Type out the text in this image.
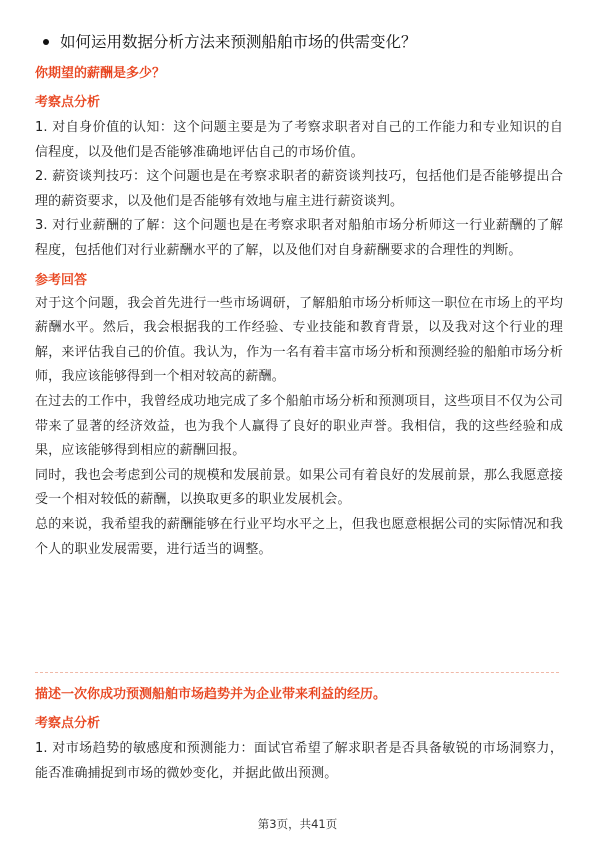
如何运用数据分析方法来预测船舶市场的供需变化？

你期望的薪酬是多少？

考察点分析

1. 对自身价值的认知：这个问题主要是为了考察求职者对自己的工作能力和专业知识的自信程度，以及他们是否能够准确地评估自己的市场价值。

2. 薪资谈判技巧：这个问题也是在考察求职者的薪资谈判技巧，包括他们是否能够提出合理的薪资要求，以及他们是否能够有效地与雇主进行薪资谈判。

3. 对行业薪酬的了解：这个问题也是在考察求职者对船舶市场分析师这一行业薪酬的了解程度，包括他们对行业薪酬水平的了解，以及他们对自身薪酬要求的合理性的判断。

参考回答

对于这个问题，我会首先进行一些市场调研，了解船舶市场分析师这一职位在市场上的平均薪酬水平。然后，我会根据我的工作经验、专业技能和教育背景，以及我对这个行业的理解，来评估我自己的价值。我认为，作为一名有着丰富市场分析和预测经验的船舶市场分析师，我应该能够得到一个相对较高的薪酬。

在过去的工作中，我曾经成功地完成了多个船舶市场分析和预测项目，这些项目不仅为公司带来了显著的经济效益，也为我个人赢得了良好的职业声誉。我相信，我的这些经验和成果，应该能够得到相应的薪酬回报。

同时，我也会考虑到公司的规模和发展前景。如果公司有着良好的发展前景，那么我愿意接受一个相对较低的薪酬，以换取更多的职业发展机会。

总的来说，我希望我的薪酬能够在行业平均水平之上，但我也愿意根据公司的实际情况和我个人的职业发展需要，进行适当的调整。

描述一次你成功预测船舶市场趋势并为企业带来利益的经历。

考察点分析

1. 对市场趋势的敏感度和预测能力：面试官希望了解求职者是否具备敏锐的市场洞察力，能否准确捕捉到市场的微妙变化，并据此做出预测。

第3页，共41页
